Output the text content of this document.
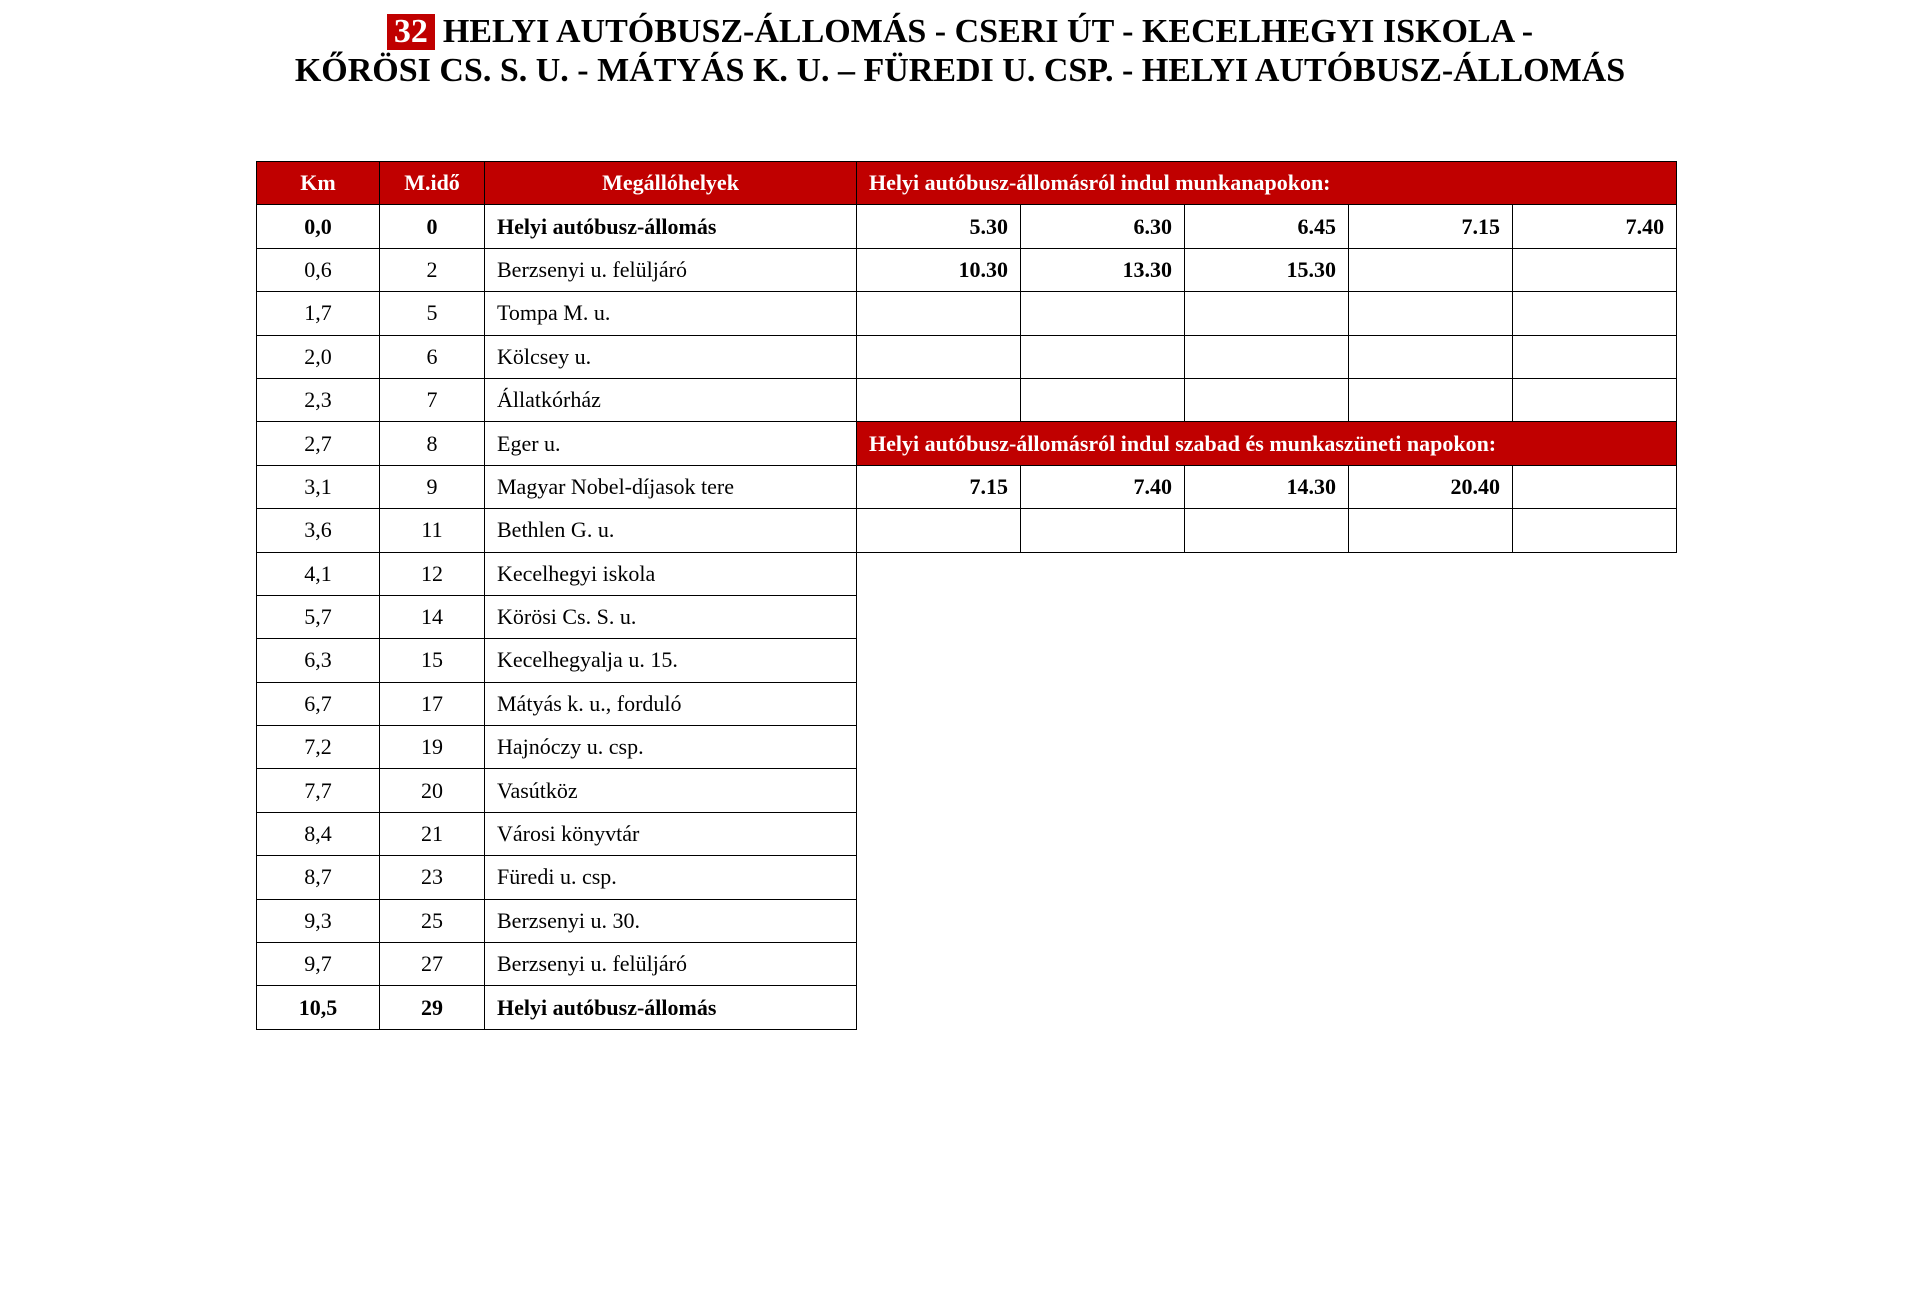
32 HELYI AUTÓBUSZ-ÁLLOMÁS - CSERI ÚT - KECELHEGYI ISKOLA -
KŐRÖSI CS. S. U. - MÁTYÁS K. U. – FÜREDI U. CSP. - HELYI AUTÓBUSZ-ÁLLOMÁS
Km	M.idő	Megállóhelyek	Helyi autóbusz-állomásról indul munkanapokon:				
0,0	0	Helyi autóbusz-állomás	5.30	6.30	6.45	7.15	7.40
0,6	2	Berzsenyi u. felüljáró	10.30	13.30	15.30		
1,7	5	Tompa M. u.					
2,0	6	Kölcsey u.					
2,3	7	Állatkórház					
2,7	8	Eger u.	Helyi autóbusz-állomásról indul szabad és munkaszüneti napokon:				
3,1	9	Magyar Nobel-díjasok tere	7.15	7.40	14.30	20.40	
3,6	11	Bethlen G. u.					
4,1	12	Kecelhegyi iskola					
5,7	14	Körösi Cs. S. u.					
6,3	15	Kecelhegyalja u. 15.					
6,7	17	Mátyás k. u., forduló					
7,2	19	Hajnóczy u. csp.					
7,7	20	Vasútköz					
8,4	21	Városi könyvtár					
8,7	23	Füredi u. csp.					
9,3	25	Berzsenyi u. 30.					
9,7	27	Berzsenyi u. felüljáró					
10,5	29	Helyi autóbusz-állomás					
